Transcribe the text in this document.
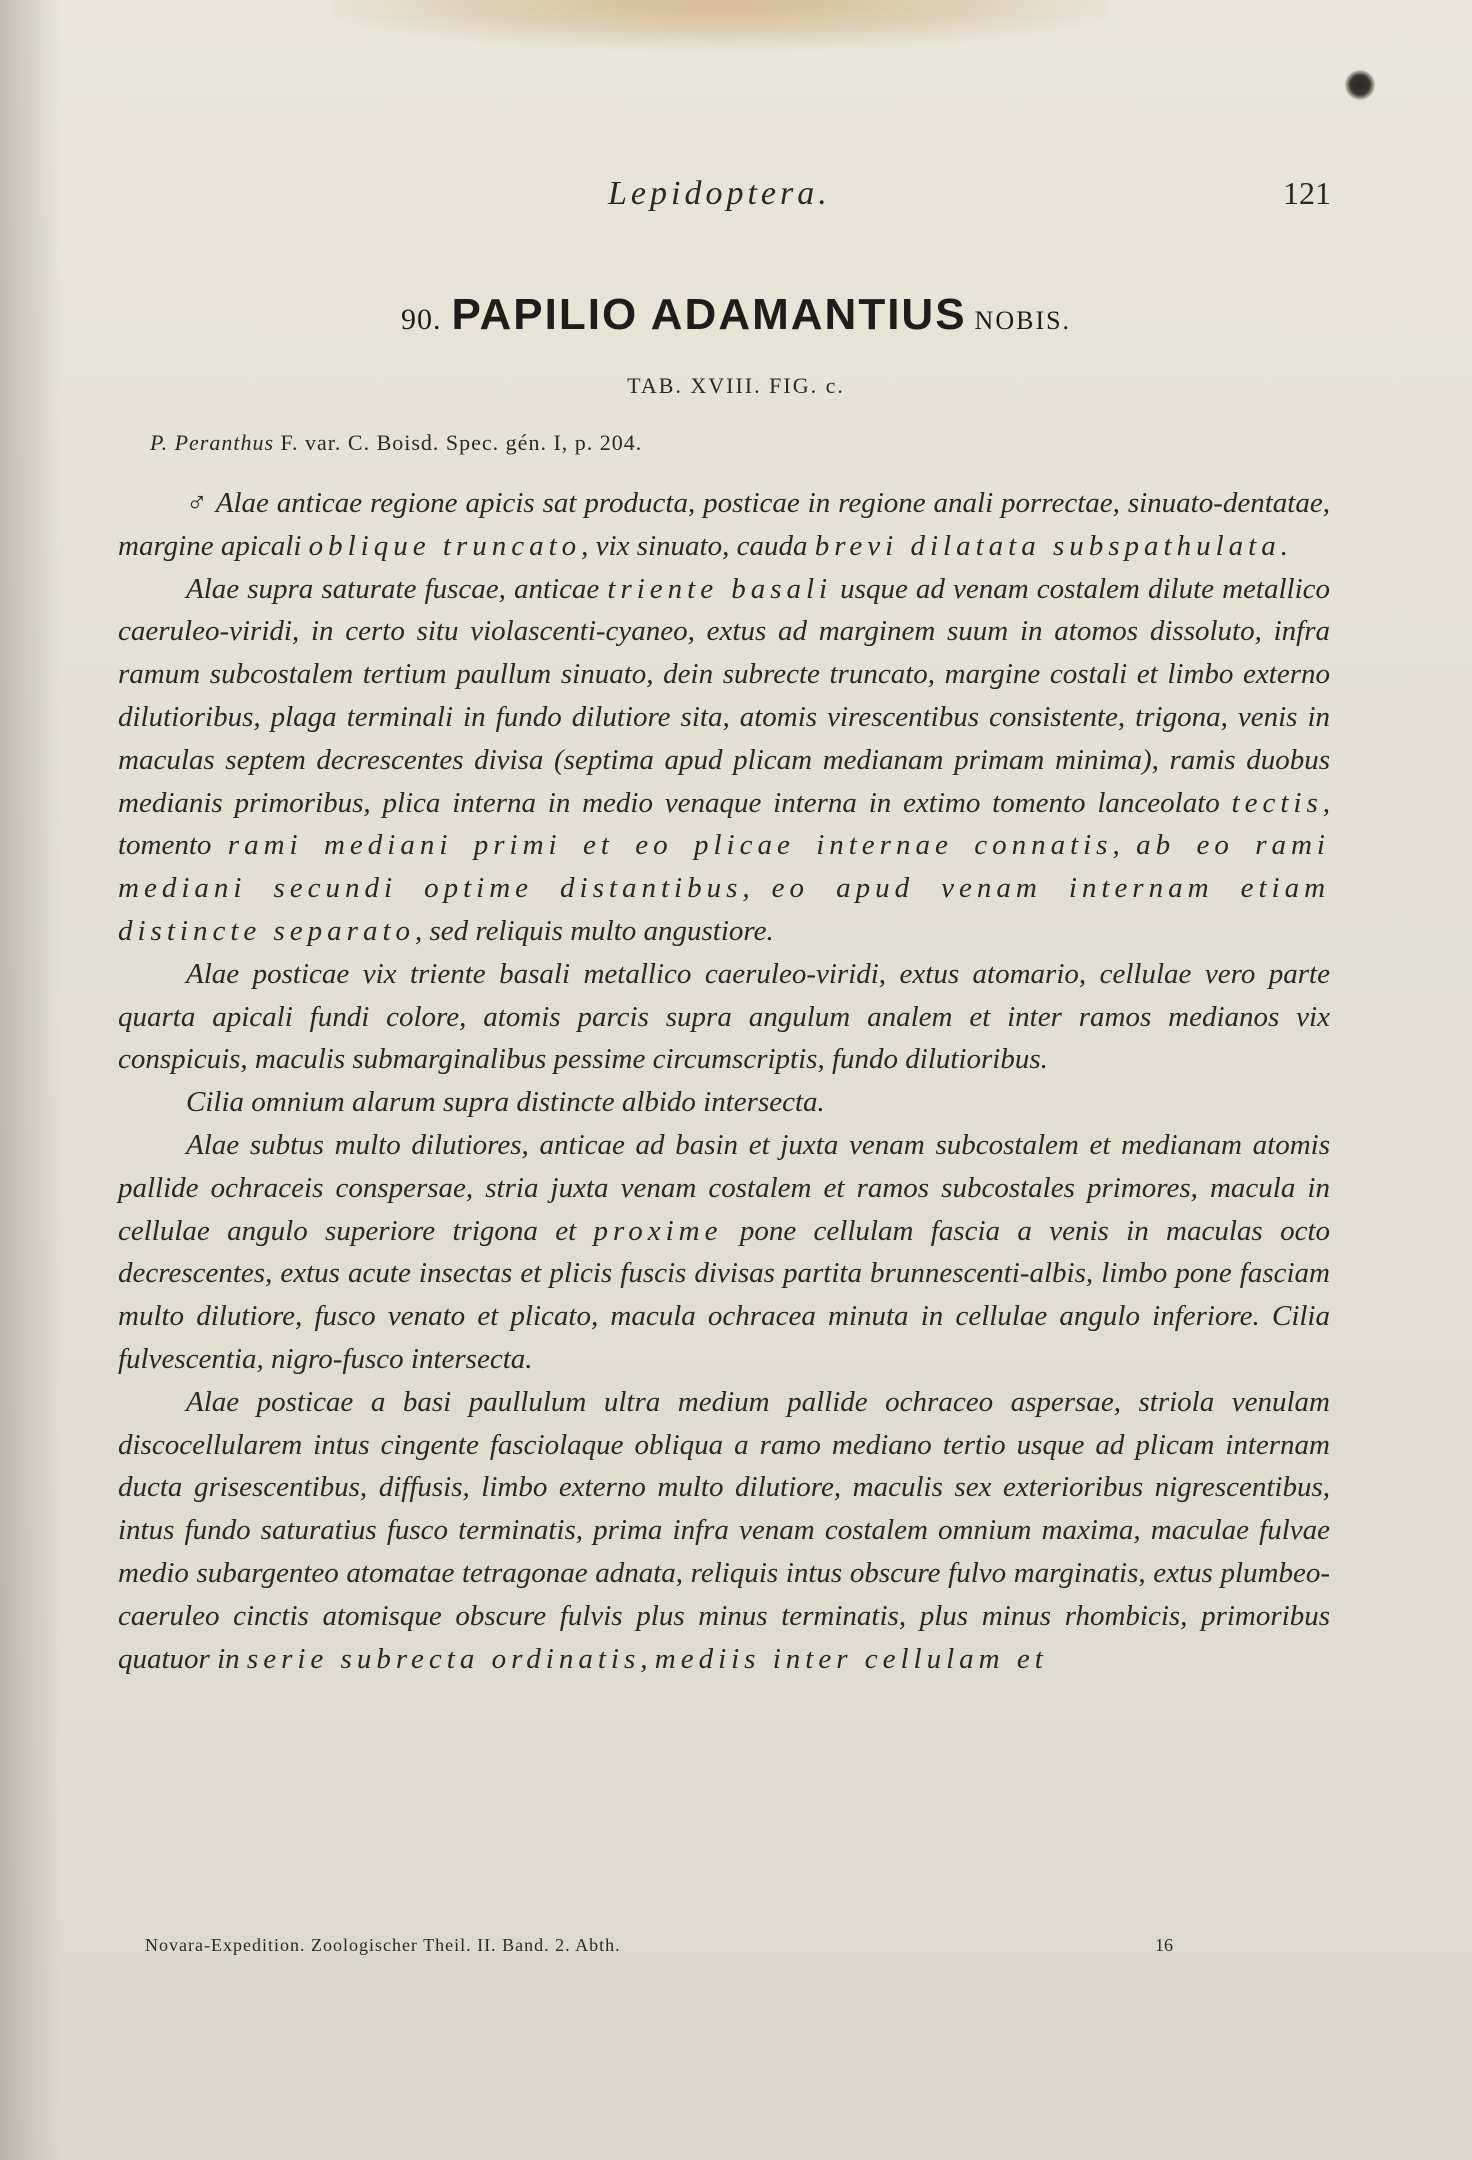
Lepidoptera.	121
90. PAPILIO ADAMANTIUS NOBIS.
TAB. XVIII. FIG. c.
P. Peranthus F. var. C. Boisd. Spec. gén. I, p. 204.

♂ Alae anticae regione apicis sat producta, posticae in regione anali porrectae, sinuato-dentatae, margine apicali oblique truncato, vix sinuato, cauda brevi dilatata subspathulata.

Alae supra saturate fuscae, anticae triente basali usque ad venam costalem dilute metallico caeruleo-viridi, in certo situ violascenti-cyaneo, extus ad marginem suum in atomos dissoluto, infra ramum subcostalem tertium paullum sinuato, dein subrecte truncato, margine costali et limbo externo dilutioribus, plaga terminali in fundo dilutiore sita, atomis virescentibus consistente, trigona, venis in maculas septem decrescentes divisa (septima apud plicam medianam primam minima), ramis duobus medianis primoribus, plica interna in medio venaque interna in extimo tomento lanceolato tectis, tomento rami mediani primi et eo plicae internae connatis, ab eo rami mediani secundi optime distantibus, eo apud venam internam etiam distincte separato, sed reliquis multo angustiore.

Alae posticae vix triente basali metallico caeruleo-viridi, extus atomario, cellulae vero parte quarta apicali fundi colore, atomis parcis supra angulum analem et inter ramos medianos vix conspicuis, maculis submarginalibus pessime circumscriptis, fundo dilutioribus.

Cilia omnium alarum supra distincte albido intersecta.

Alae subtus multo dilutiores, anticae ad basin et juxta venam subcostalem et medianam atomis pallide ochraceis conspersae, stria juxta venam costalem et ramos subcostales primores, macula in cellulae angulo superiore trigona et proxime pone cellulam fascia a venis in maculas octo decrescentes, extus acute insectas et plicis fuscis divisas partita brunnescenti-albis, limbo pone fasciam multo dilutiore, fusco venato et plicato, macula ochracea minuta in cellulae angulo inferiore. Cilia fulvescentia, nigro-fusco intersecta.

Alae posticae a basi paullulum ultra medium pallide ochraceo aspersae, striola venulam discocellularem intus cingente fasciolaque obliqua a ramo mediano tertio usque ad plicam internam ducta grisescentibus, diffusis, limbo externo multo dilutiore, maculis sex exterioribus nigrescentibus, intus fundo saturatius fusco terminatis, prima infra venam costalem omnium maxima, maculae fulvae medio subargenteo atomatae tetragonae adnata, reliquis intus obscure fulvo marginatis, extus plumbeo-caeruleo cinctis atomisque obscure fulvis plus minus terminatis, plus minus rhombicis, primoribus quatuor in serie subrecta ordinatis, mediis inter cellulam et

Novara-Expedition. Zoologischer Theil. II. Band. 2. Abth.	16
